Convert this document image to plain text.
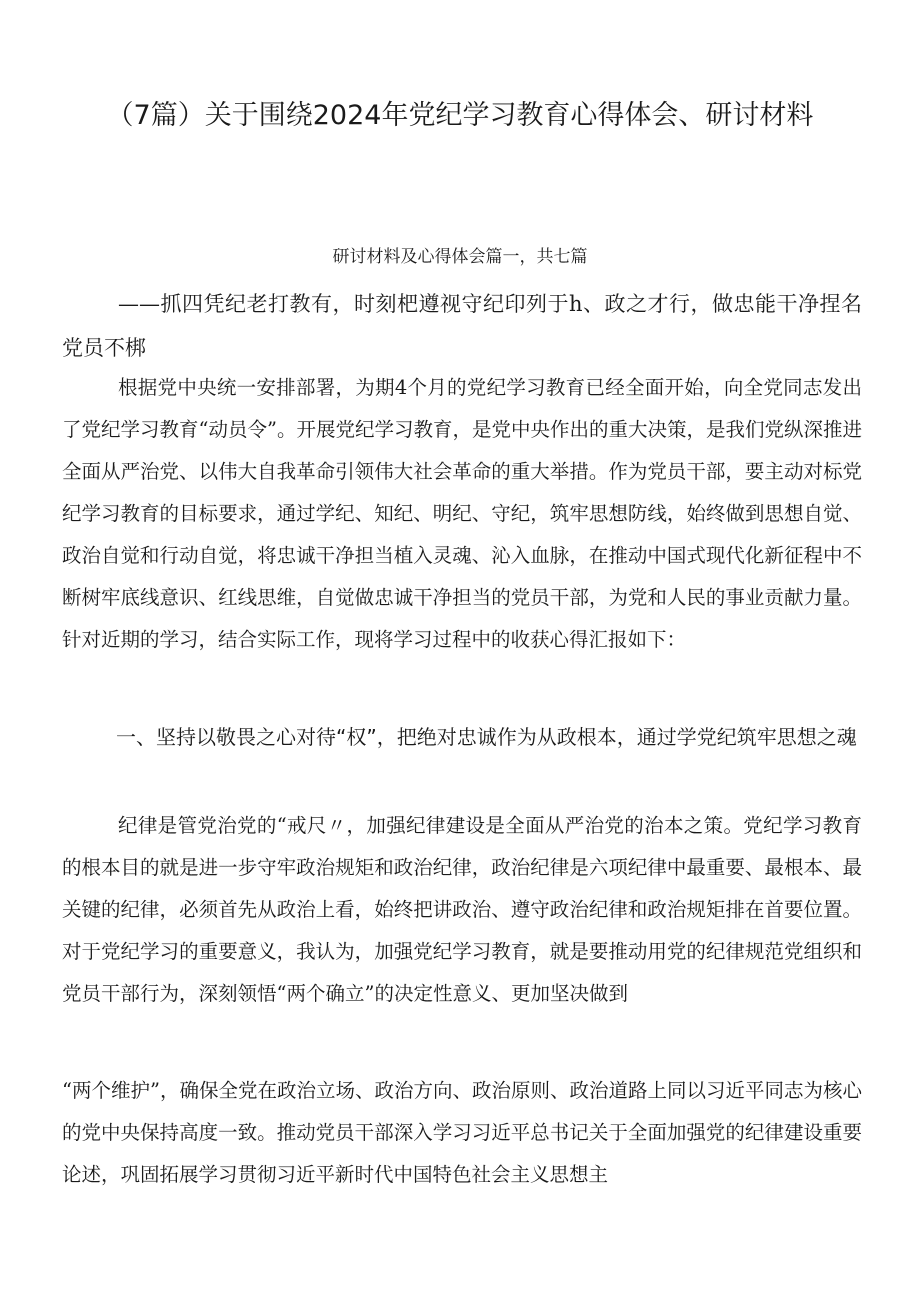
（7篇）关于围绕2024年党纪学习教育心得体会、研讨材料
研讨材料及心得体会篇一，共七篇

——抓四凭纪老打教有，时刻杷遵视守纪印列于h、政之才行，做忠能干净捏名党员不梆

根据党中央统一安排部署，为期4个月的党纪学习教育已经全面开始，向全党同志发出了党纪学习教育“动员令”。开展党纪学习教育，是党中央作出的重大决策，是我们党纵深推进全面从严治党、以伟大自我革命引领伟大社会革命的重大举措。作为党员干部，要主动对标党纪学习教育的目标要求，通过学纪、知纪、明纪、守纪，筑牢思想防线，始终做到思想自觉、政治自觉和行动自觉，将忠诚干净担当植入灵魂、沁入血脉，在推动中国式现代化新征程中不断树牢底线意识、红线思维，自觉做忠诚干净担当的党员干部，为党和人民的事业贡献力量。针对近期的学习，结合实际工作，现将学习过程中的收获心得汇报如下：

一、坚持以敬畏之心对待“权”，把绝对忠诚作为从政根本，通过学党纪筑牢思想之魂

纪律是管党治党的“戒尺〃，加强纪律建设是全面从严治党的治本之策。党纪学习教育的根本目的就是进一步守牢政治规矩和政治纪律，政治纪律是六项纪律中最重要、最根本、最关键的纪律，必须首先从政治上看，始终把讲政治、遵守政治纪律和政治规矩排在首要位置。对于党纪学习的重要意义，我认为，加强党纪学习教育，就是要推动用党的纪律规范党组织和党员干部行为，深刻领悟“两个确立”的决定性意义、更加坚决做到

“两个维护”，确保全党在政治立场、政治方向、政治原则、政治道路上同以习近平同志为核心的党中央保持高度一致。推动党员干部深入学习习近平总书记关于全面加强党的纪律建设重要论述，巩固拓展学习贯彻习近平新时代中国特色社会主义思想主
